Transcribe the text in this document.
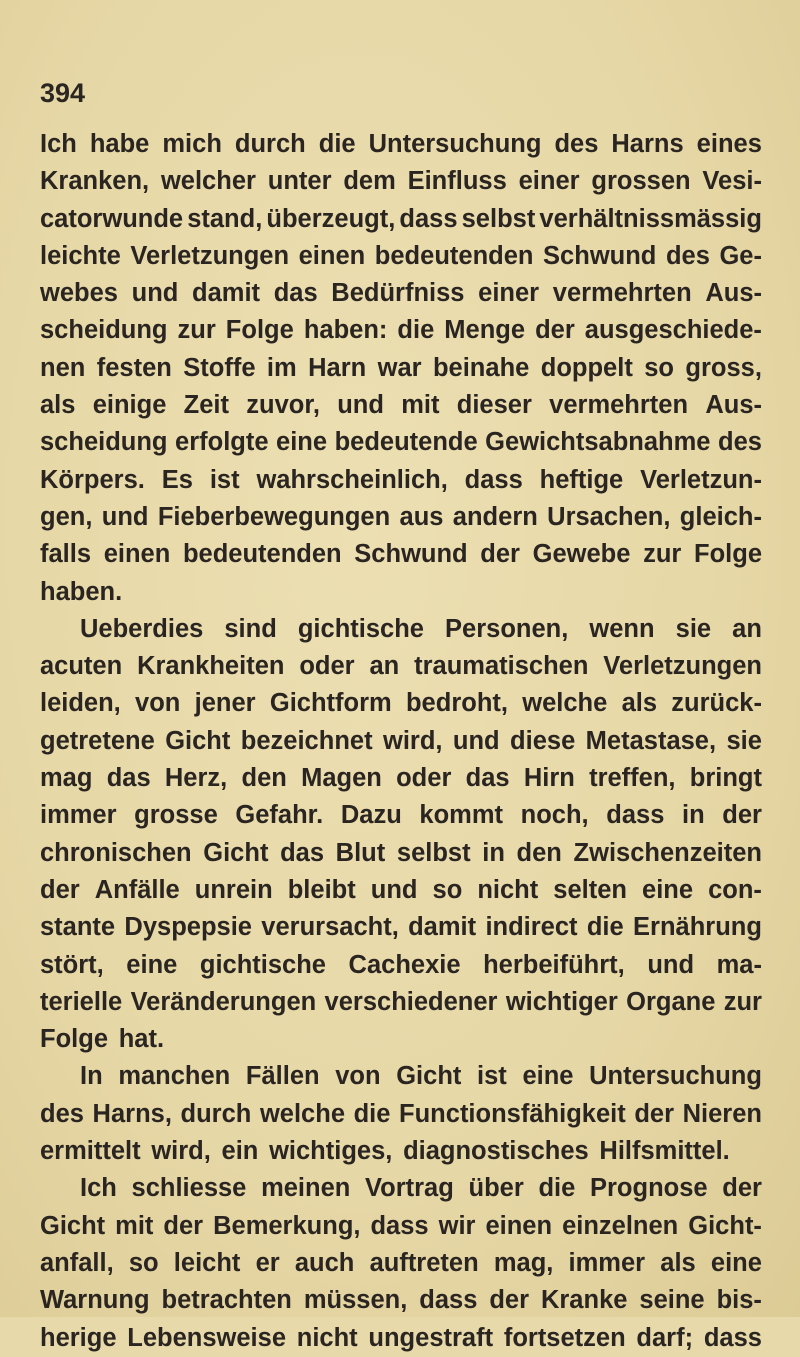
394
Ich habe mich durch die Untersuchung des Harns eines
Kranken, welcher unter dem Einfluss einer grossen Vesi-
catorwunde stand, überzeugt, dass selbst verhältnissmässig
leichte Verletzungen einen bedeutenden Schwund des Ge-
webes und damit das Bedürfniss einer vermehrten Aus-
scheidung zur Folge haben: die Menge der ausgeschiede-
nen festen Stoffe im Harn war beinahe doppelt so gross,
als einige Zeit zuvor, und mit dieser vermehrten Aus-
scheidung erfolgte eine bedeutende Gewichtsabnahme des
Körpers. Es ist wahrscheinlich, dass heftige Verletzun-
gen, und Fieberbewegungen aus andern Ursachen, gleich-
falls einen bedeutenden Schwund der Gewebe zur Folge
haben.
Ueberdies sind gichtische Personen, wenn sie an
acuten Krankheiten oder an traumatischen Verletzungen
leiden, von jener Gichtform bedroht, welche als zurück-
getretene Gicht bezeichnet wird, und diese Metastase, sie
mag das Herz, den Magen oder das Hirn treffen, bringt
immer grosse Gefahr. Dazu kommt noch, dass in der
chronischen Gicht das Blut selbst in den Zwischenzeiten
der Anfälle unrein bleibt und so nicht selten eine con-
stante Dyspepsie verursacht, damit indirect die Ernährung
stört, eine gichtische Cachexie herbeiführt, und ma-
terielle Veränderungen verschiedener wichtiger Organe zur
Folge hat.
In manchen Fällen von Gicht ist eine Untersuchung
des Harns, durch welche die Functionsfähigkeit der Nieren
ermittelt wird, ein wichtiges, diagnostisches Hilfsmittel.
Ich schliesse meinen Vortrag über die Prognose der
Gicht mit der Bemerkung, dass wir einen einzelnen Gicht-
anfall, so leicht er auch auftreten mag, immer als eine
Warnung betrachten müssen, dass der Kranke seine bis-
herige Lebensweise nicht ungestraft fortsetzen darf; dass
